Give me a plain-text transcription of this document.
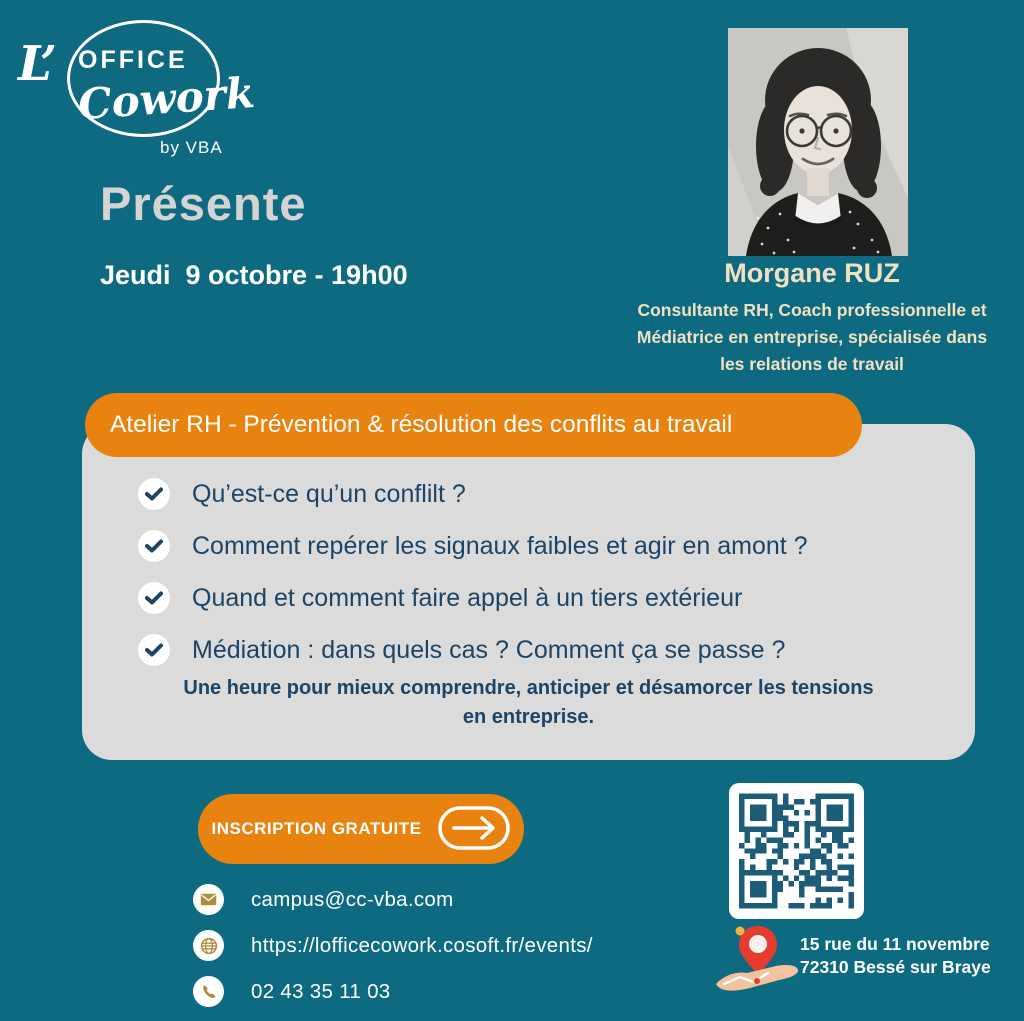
L’ OFFICE
Cowork
by VBA
Présente
Jeudi  9 octobre - 19h00	Morgane RUZ
Consultante RH, Coach professionnelle et
Médiatrice en entreprise, spécialisée dans
les relations de travail
Atelier RH - Prévention & résolution des conflits au travail
Qu’est-ce qu’un conflilt ?
Comment repérer les signaux faibles et agir en amont ?
Quand et comment faire appel à un tiers extérieur
Médiation : dans quels cas ? Comment ça se passe ?
Une heure pour mieux comprendre, anticiper et désamorcer les tensions
en entreprise.
INSCRIPTION GRATUITE
campus@cc-vba.com
https://lofficecowork.cosoft.fr/events/
02 43 35 11 03
15 rue du 11 novembre
72310 Bessé sur Braye
